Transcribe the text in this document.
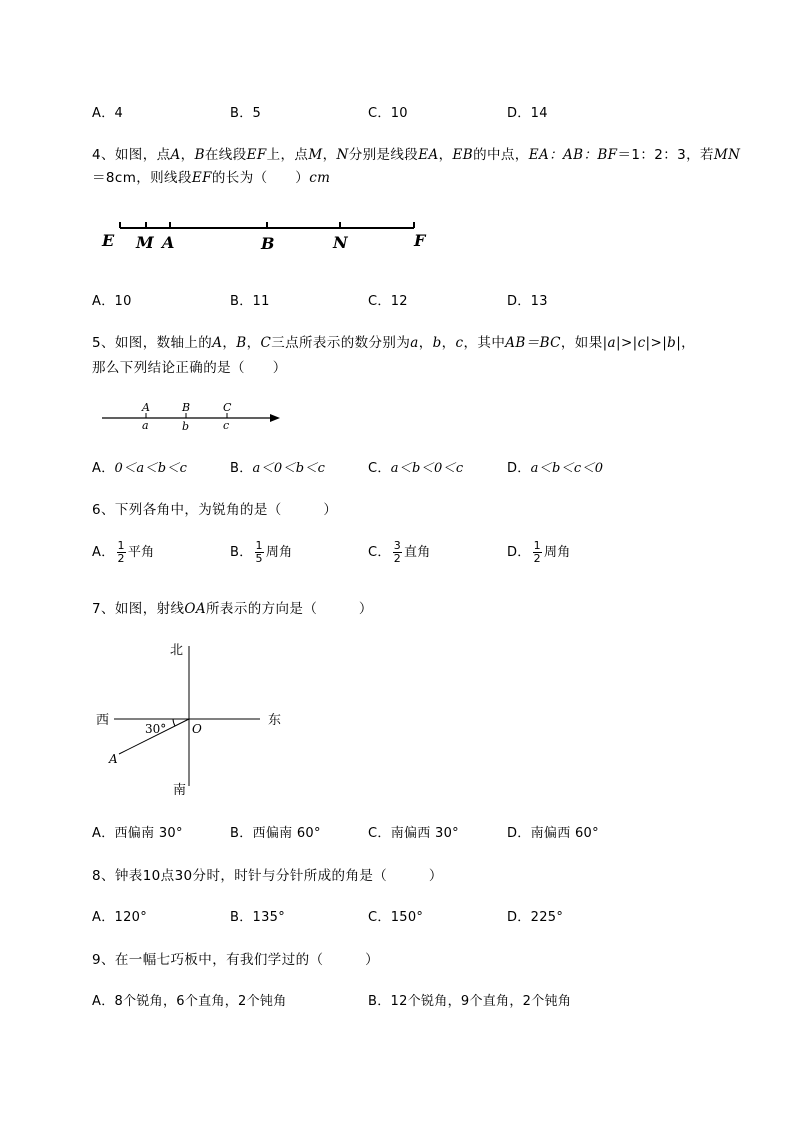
A．4	B．5	C．10	D．14
4、如图，点A，B在线段EF上，点M，N分别是线段EA，EB的中点，EA：AB：BF＝1：2：3，若MN
＝8cm，则线段EF的长为（　　）cm
E M A	B	N	F
A．10	B．11	C．12	D．13
5、如图，数轴上的A，B，C三点所表示的数分别为a，b，c，其中AB＝BC，如果|a|>|c|>|b|，
那么下列结论正确的是（　　）
A	B	C
a	b	c
A．0＜a＜b＜c	B．a＜0＜b＜c	C．a＜b＜0＜c	D．a＜b＜c＜0
6、下列各角中，为锐角的是（　　　）
A． $\frac{1}{2}$ 平角	B． $\frac{1}{5}$ 周角	C． $\frac{3}{2}$ 直角	D． $\frac{1}{2}$ 周角
7、如图，射线OA所表示的方向是（　　　）
北
南
西	东
O
A
30°
A．西偏南 30°	B．西偏南 60°	C．南偏西 30°	D．南偏西 60°
8、钟表10点30分时，时针与分针所成的角是（　　　）
A．120°	B．135°	C．150°	D．225°
9、在一幅七巧板中，有我们学过的（　　　）
A．8个锐角，6个直角，2个钝角	B．12个锐角，9个直角，2个钝角
